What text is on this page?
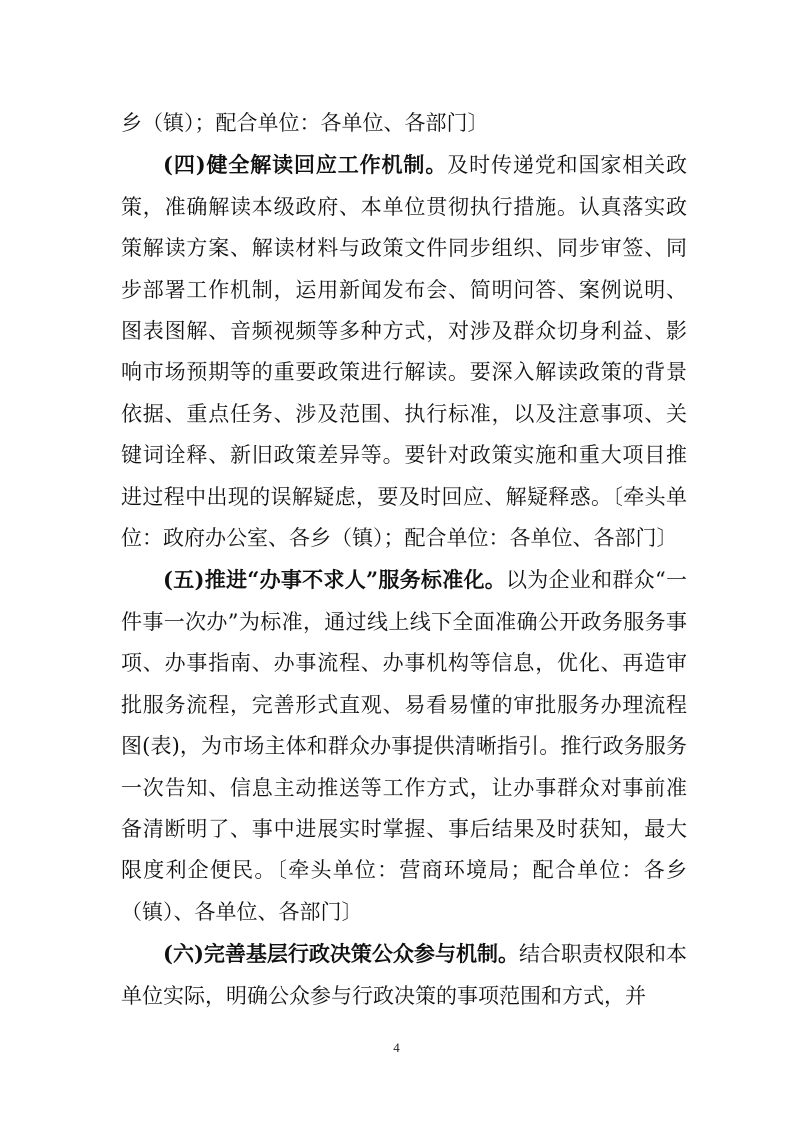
乡（镇）；配合单位：各单位、各部门〕

(四)健全解读回应工作机制。及时传递党和国家相关政策，准确解读本级政府、本单位贯彻执行措施。认真落实政策解读方案、解读材料与政策文件同步组织、同步审签、同步部署工作机制，运用新闻发布会、简明问答、案例说明、图表图解、音频视频等多种方式，对涉及群众切身利益、影响市场预期等的重要政策进行解读。要深入解读政策的背景依据、重点任务、涉及范围、执行标准，以及注意事项、关键词诠释、新旧政策差异等。要针对政策实施和重大项目推进过程中出现的误解疑虑，要及时回应、解疑释惑。〔牵头单位：政府办公室、各乡（镇）；配合单位：各单位、各部门〕

(五)推进“办事不求人”服务标准化。以为企业和群众“一件事一次办”为标准，通过线上线下全面准确公开政务服务事项、办事指南、办事流程、办事机构等信息，优化、再造审批服务流程，完善形式直观、易看易懂的审批服务办理流程图(表)，为市场主体和群众办事提供清晰指引。推行政务服务一次告知、信息主动推送等工作方式，让办事群众对事前准备清断明了、事中进展实时掌握、事后结果及时获知，最大限度利企便民。〔牵头单位：营商环境局；配合单位：各乡（镇）、各单位、各部门〕

(六)完善基层行政决策公众参与机制。结合职责权限和本单位实际，明确公众参与行政决策的事项范围和方式，并

4
